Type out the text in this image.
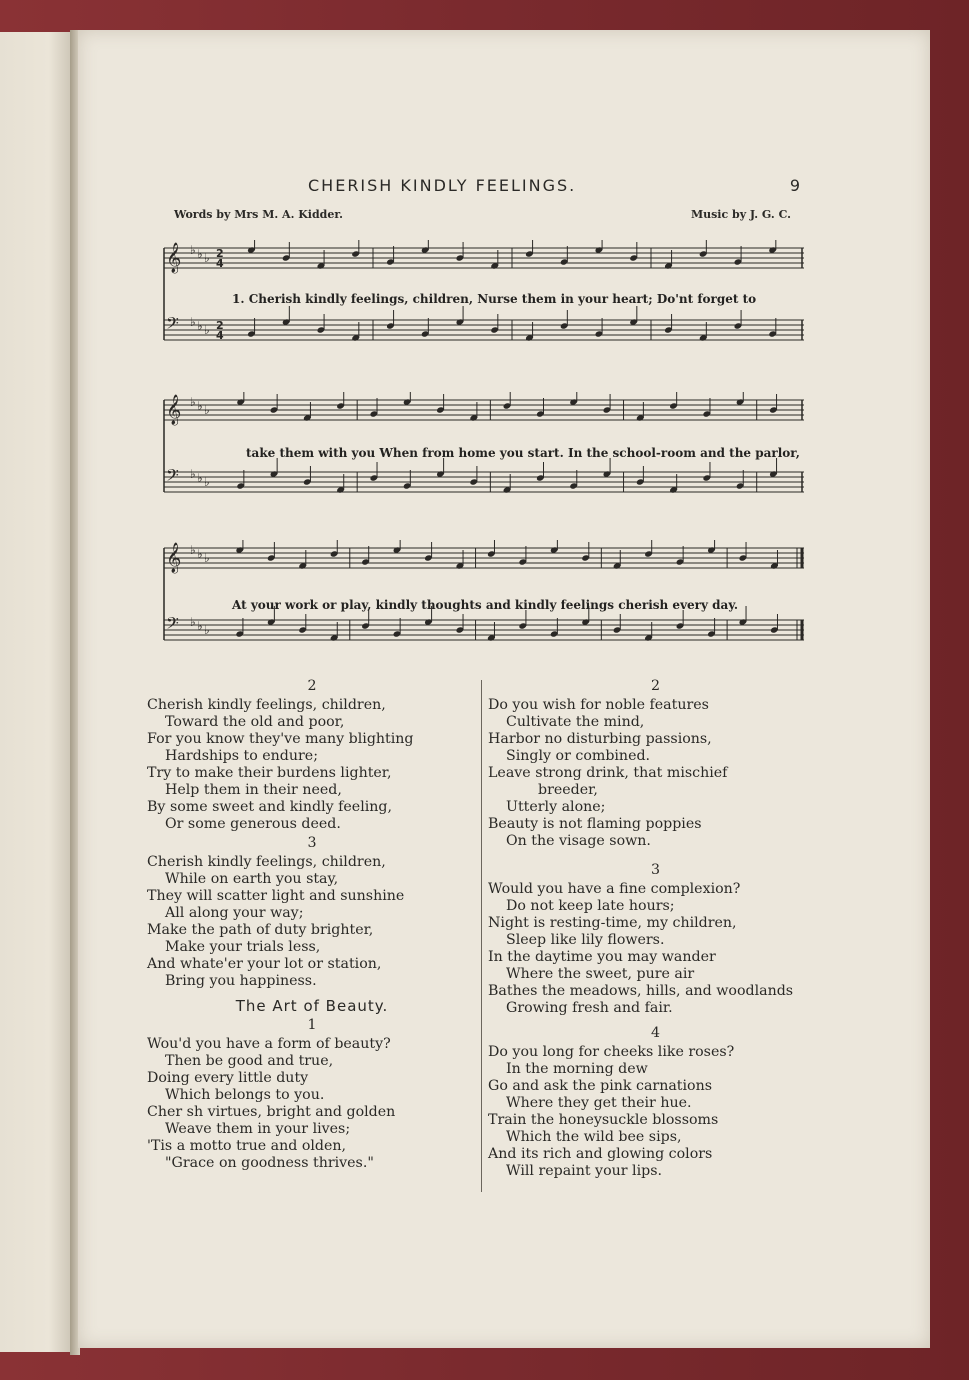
CHERISH KINDLY FEELINGS.	9
Words by Mrs M. A. Kidder.	Music by J. G. C.
𝄞 ♭ ♭ ♭ 2
4
𝄢 ♭ ♭ ♭ 2
4
1. Cherish kindly feelings, children, Nurse them in your heart; Do'nt forget to
𝄞 ♭ ♭ ♭
𝄢 ♭ ♭ ♭
take them with you When from home you start. In the school-room and the parlor,
𝄞 ♭ ♭ ♭
𝄢 ♭ ♭ ♭
At your work or play, kindly thoughts and kindly feelings cherish every day.
2
Cherish kindly feelings, children,
Toward the old and poor,
For you know they've many blighting
Hardships to endure;
Try to make their burdens lighter,
Help them in their need,
By some sweet and kindly feeling,
Or some generous deed.
3
Cherish kindly feelings, children,
While on earth you stay,
They will scatter light and sunshine
All along your way;
Make the path of duty brighter,
Make your trials less,
And whate'er your lot or station,
Bring you happiness.
The Art of Beauty.
1
Wou'd you have a form of beauty?
Then be good and true,
Doing every little duty
Which belongs to you.
Cher sh virtues, bright and golden
Weave them in your lives;
'Tis a motto true and olden,
"Grace on goodness thrives."
2
Do you wish for noble features
Cultivate the mind,
Harbor no disturbing passions,
Singly or combined.
Leave strong drink, that mischief
breeder,
Utterly alone;
Beauty is not flaming poppies
On the visage sown.
3
Would you have a fine complexion?
Do not keep late hours;
Night is resting-time, my children,
Sleep like lily flowers.
In the daytime you may wander
Where the sweet, pure air
Bathes the meadows, hills, and woodlands
Growing fresh and fair.
4
Do you long for cheeks like roses?
In the morning dew
Go and ask the pink carnations
Where they get their hue.
Train the honeysuckle blossoms
Which the wild bee sips,
And its rich and glowing colors
Will repaint your lips.
